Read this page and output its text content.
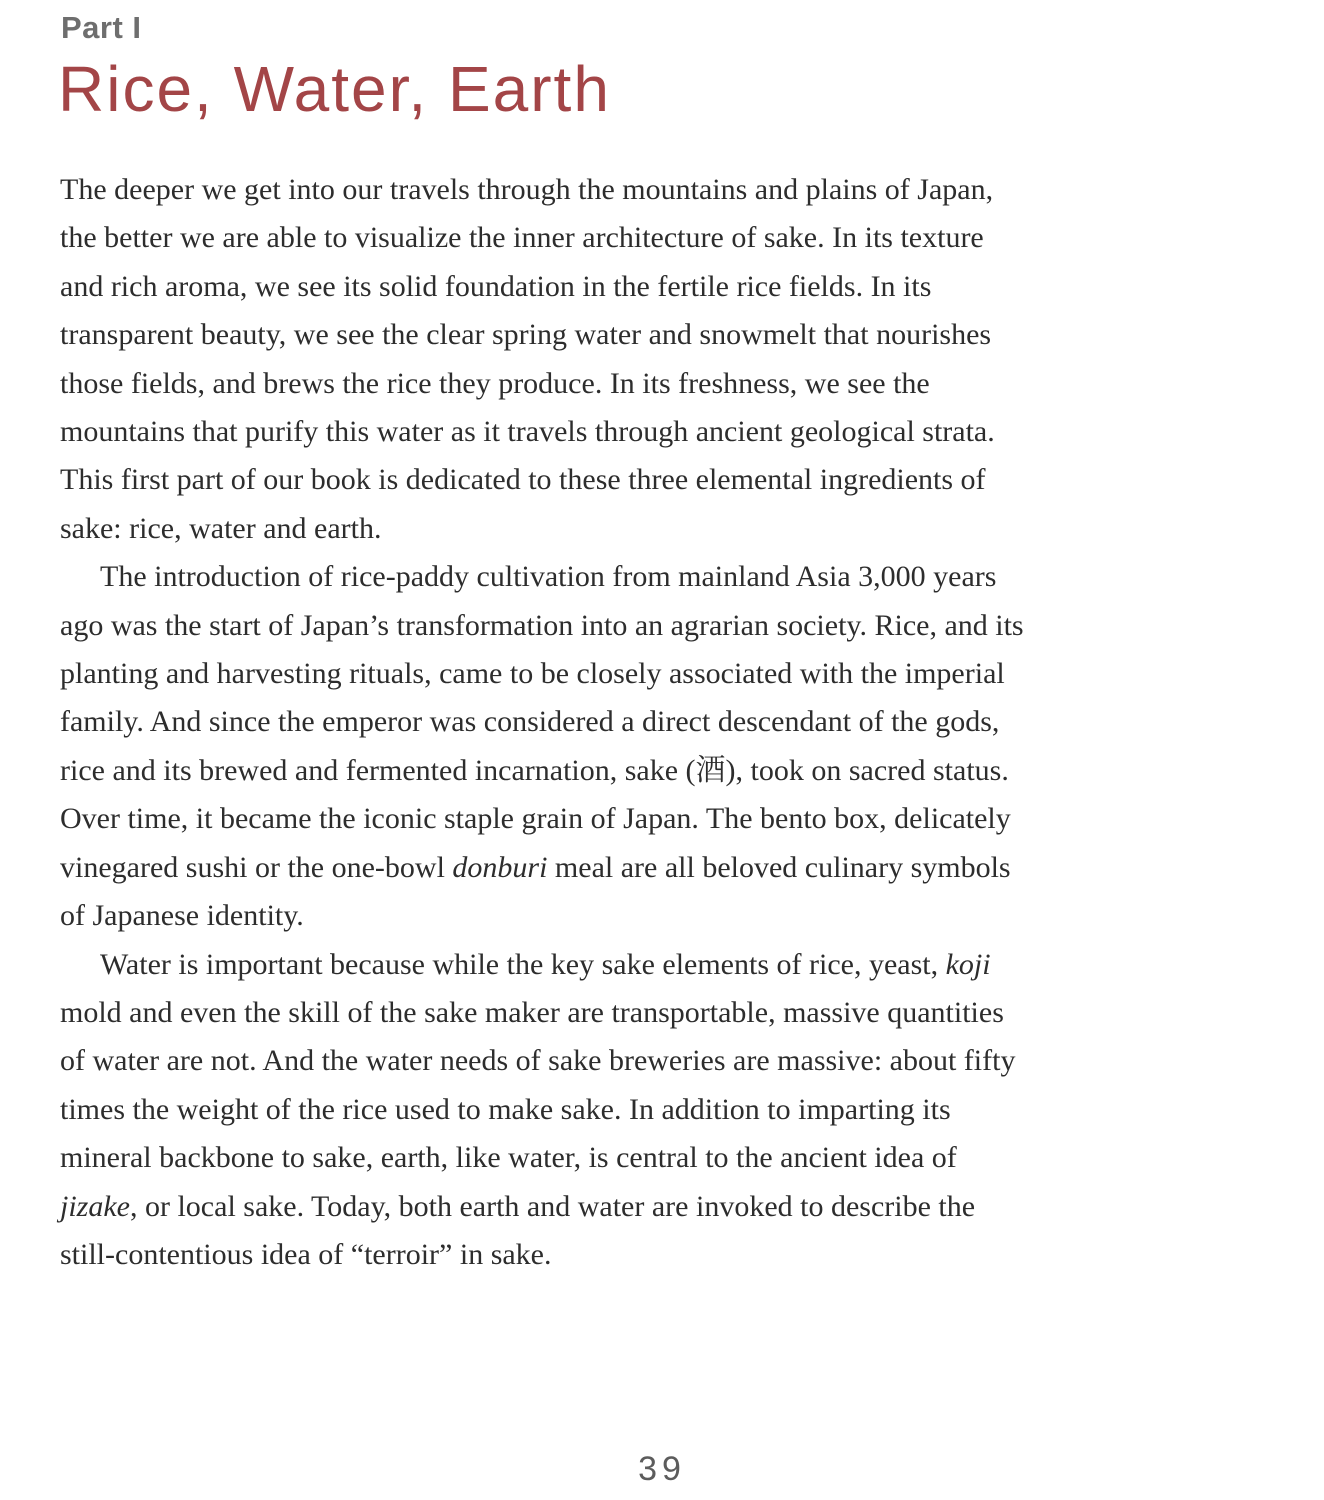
Part I
Rice, Water, Earth
The deeper we get into our travels through the mountains and plains of Japan,
the better we are able to visualize the inner architecture of sake. In its texture
and rich aroma, we see its solid foundation in the fertile rice fields. In its
transparent beauty, we see the clear spring water and snowmelt that nourishes
those fields, and brews the rice they produce. In its freshness, we see the
mountains that purify this water as it travels through ancient geological strata.
This first part of our book is dedicated to these three elemental ingredients of
sake: rice, water and earth.
The introduction of rice-paddy cultivation from mainland Asia 3,000 years
ago was the start of Japan’s transformation into an agrarian society. Rice, and its
planting and harvesting rituals, came to be closely associated with the imperial
family. And since the emperor was considered a direct descendant of the gods,
rice and its brewed and fermented incarnation, sake (酒), took on sacred status.
Over time, it became the iconic staple grain of Japan. The bento box, delicately
vinegared sushi or the one-bowl donburi meal are all beloved culinary symbols
of Japanese identity.
Water is important because while the key sake elements of rice, yeast, koji
mold and even the skill of the sake maker are transportable, massive quantities
of water are not. And the water needs of sake breweries are massive: about fifty
times the weight of the rice used to make sake. In addition to imparting its
mineral backbone to sake, earth, like water, is central to the ancient idea of
jizake, or local sake. Today, both earth and water are invoked to describe the
still-contentious idea of “terroir” in sake.
39
